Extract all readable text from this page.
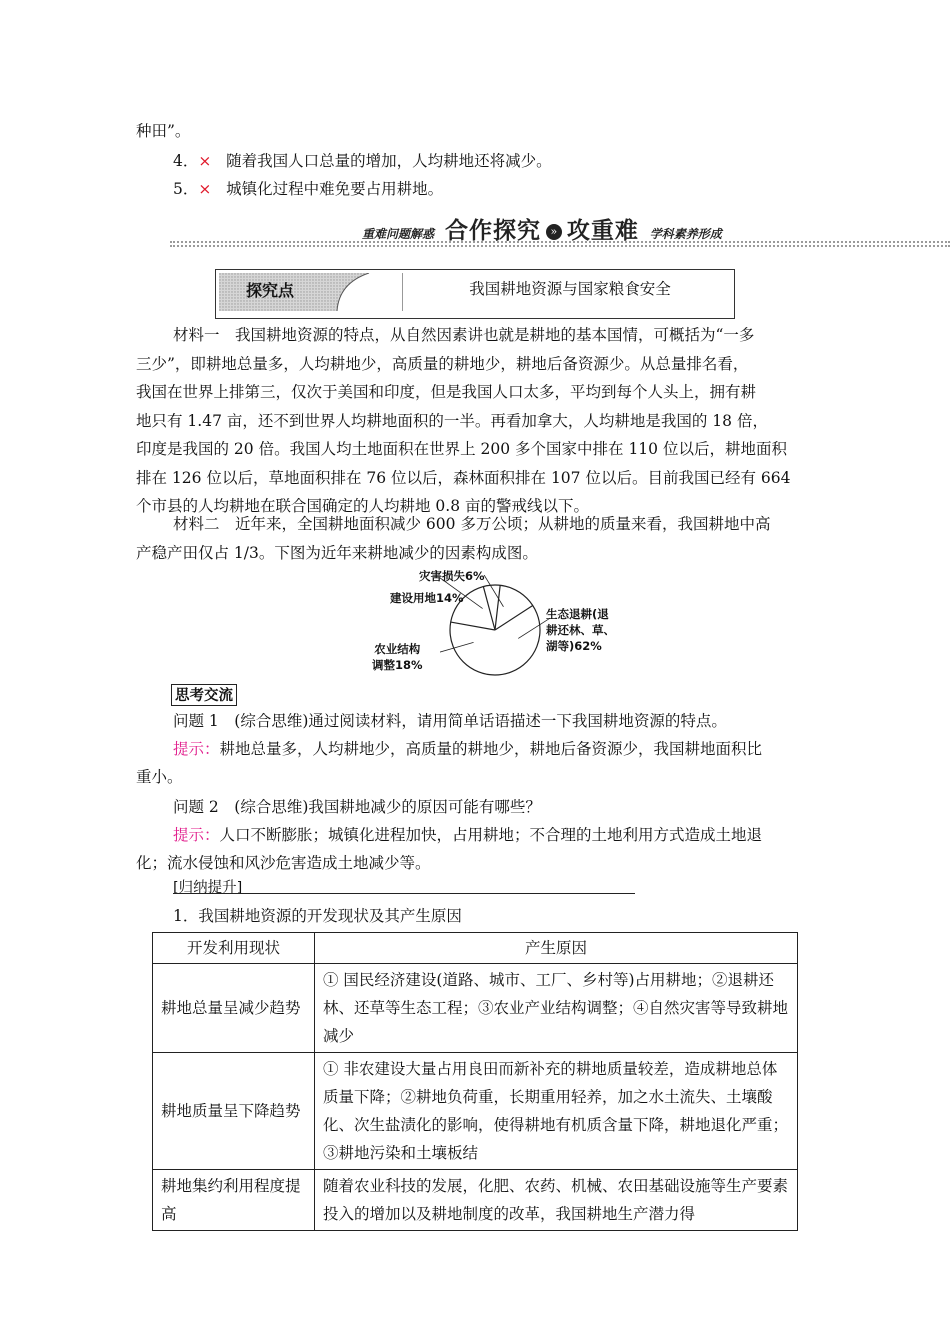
种田”。
4．× 随着我国人口总量的增加，人均耕地还将减少。
5．× 城镇化过程中难免要占用耕地。
重难问题解惑 合作探究 » 攻重难 学科素养形成
探究点	我国耕地资源与国家粮食安全
材料一　我国耕地资源的特点，从自然因素讲也就是耕地的基本国情，可概括为“一多
三少”，即耕地总量多，人均耕地少，高质量的耕地少，耕地后备资源少。从总量排名看，
我国在世界上排第三，仅次于美国和印度，但是我国人口太多，平均到每个人头上，拥有耕
地只有 1.47 亩，还不到世界人均耕地面积的一半。再看加拿大，人均耕地是我国的 18 倍，
印度是我国的 20 倍。我国人均土地面积在世界上 200 多个国家中排在 110 位以后，耕地面积
排在 126 位以后，草地面积排在 76 位以后，森林面积排在 107 位以后。目前我国已经有 664
个市县的人均耕地在联合国确定的人均耕地 0.8 亩的警戒线以下。
材料二　近年来，全国耕地面积减少 600 多万公顷；从耕地的质量来看，我国耕地中高
产稳产田仅占 1/3。下图为近年来耕地减少的因素构成图。
灾害损失6%
建设用地14%
生态退耕(退
耕还林、草、
湖等)62%
农业结构
调整18%
思考交流
问题 1　(综合思维)通过阅读材料，请用简单话语描述一下我国耕地资源的特点。
提示：耕地总量多，人均耕地少，高质量的耕地少，耕地后备资源少，我国耕地面积比
重小。
问题 2　(综合思维)我国耕地减少的原因可能有哪些？
提示：人口不断膨胀；城镇化进程加快，占用耕地；不合理的土地利用方式造成土地退
化；流水侵蚀和风沙危害造成土地减少等。
[归纳提升]
1．我国耕地资源的开发现状及其产生原因
开发利用现状	产生原因
耕地总量呈减少趋势	① 国民经济建设(道路、城市、工厂、乡村等)占用耕地；②退耕还林、还草等生态工程；③农业产业结构调整；④自然灾害等导致耕地减少
耕地质量呈下降趋势	① 非农建设大量占用良田而新补充的耕地质量较差，造成耕地总体质量下降；②耕地负荷重，长期重用轻养，加之水土流失、土壤酸化、次生盐渍化的影响，使得耕地有机质含量下降，耕地退化严重；③耕地污染和土壤板结
耕地集约利用程度提高	随着农业科技的发展，化肥、农药、机械、农田基础设施等生产要素投入的增加以及耕地制度的改革，我国耕地生产潜力得
